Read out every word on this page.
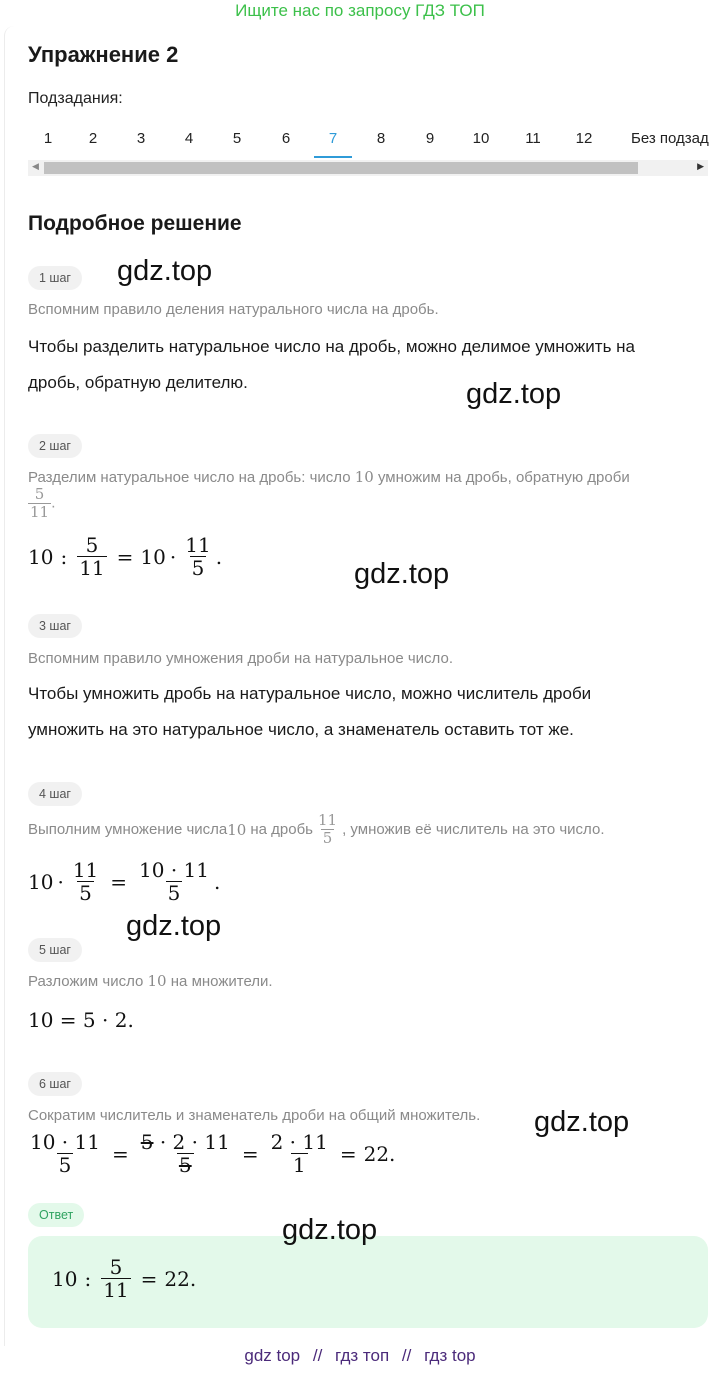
Ищите нас по запросу ГДЗ ТОП
Упражнение 2
Подзадания:
1	2	3	4	5	6	7	8	9	10	11	12	Без подзад
◀	▶
Подробное решение
1 шаг
Вспомним правило деления натурального числа на дробь.
Чтобы разделить натуральное число на дробь, можно делимое умножить на
дробь, обратную делителю.
2 шаг
Разделим натуральное число на дробь: число 10 умножим на дробь, обратную дроби
$\frac{5}{11}$ .
10 : $\frac{5}{11} = 10 \cdot \frac{11}{5}$ .
3 шаг
Вспомним правило умножения дроби на натуральное число.
Чтобы умножить дробь на натуральное число, можно числитель дроби
умножить на это натуральное число, а знаменатель оставить тот же.
4 шаг
Выполним умножение числа 10 на дробь $\frac{11}{5}$ , умножив её числитель на это число.
$10 \cdot \frac{11}{5} = \frac{10 \cdot 11}{5}$ .
5 шаг
Разложим число 10 на множители.
10 = 5 · 2.
6 шаг
Сократим числитель и знаменатель дроби на общий множитель.
$\frac{10 \cdot 11}{5} = \frac{5 \cdot 2 \cdot 11}{5} = \frac{2 \cdot 11}{1} = 22$.
Ответ
10 : $\frac{5}{11} = 22$.
gdz.top
gdz.top
gdz.top
gdz.top
gdz.top
gdz.top
gdz top // гдз топ // гдз top
